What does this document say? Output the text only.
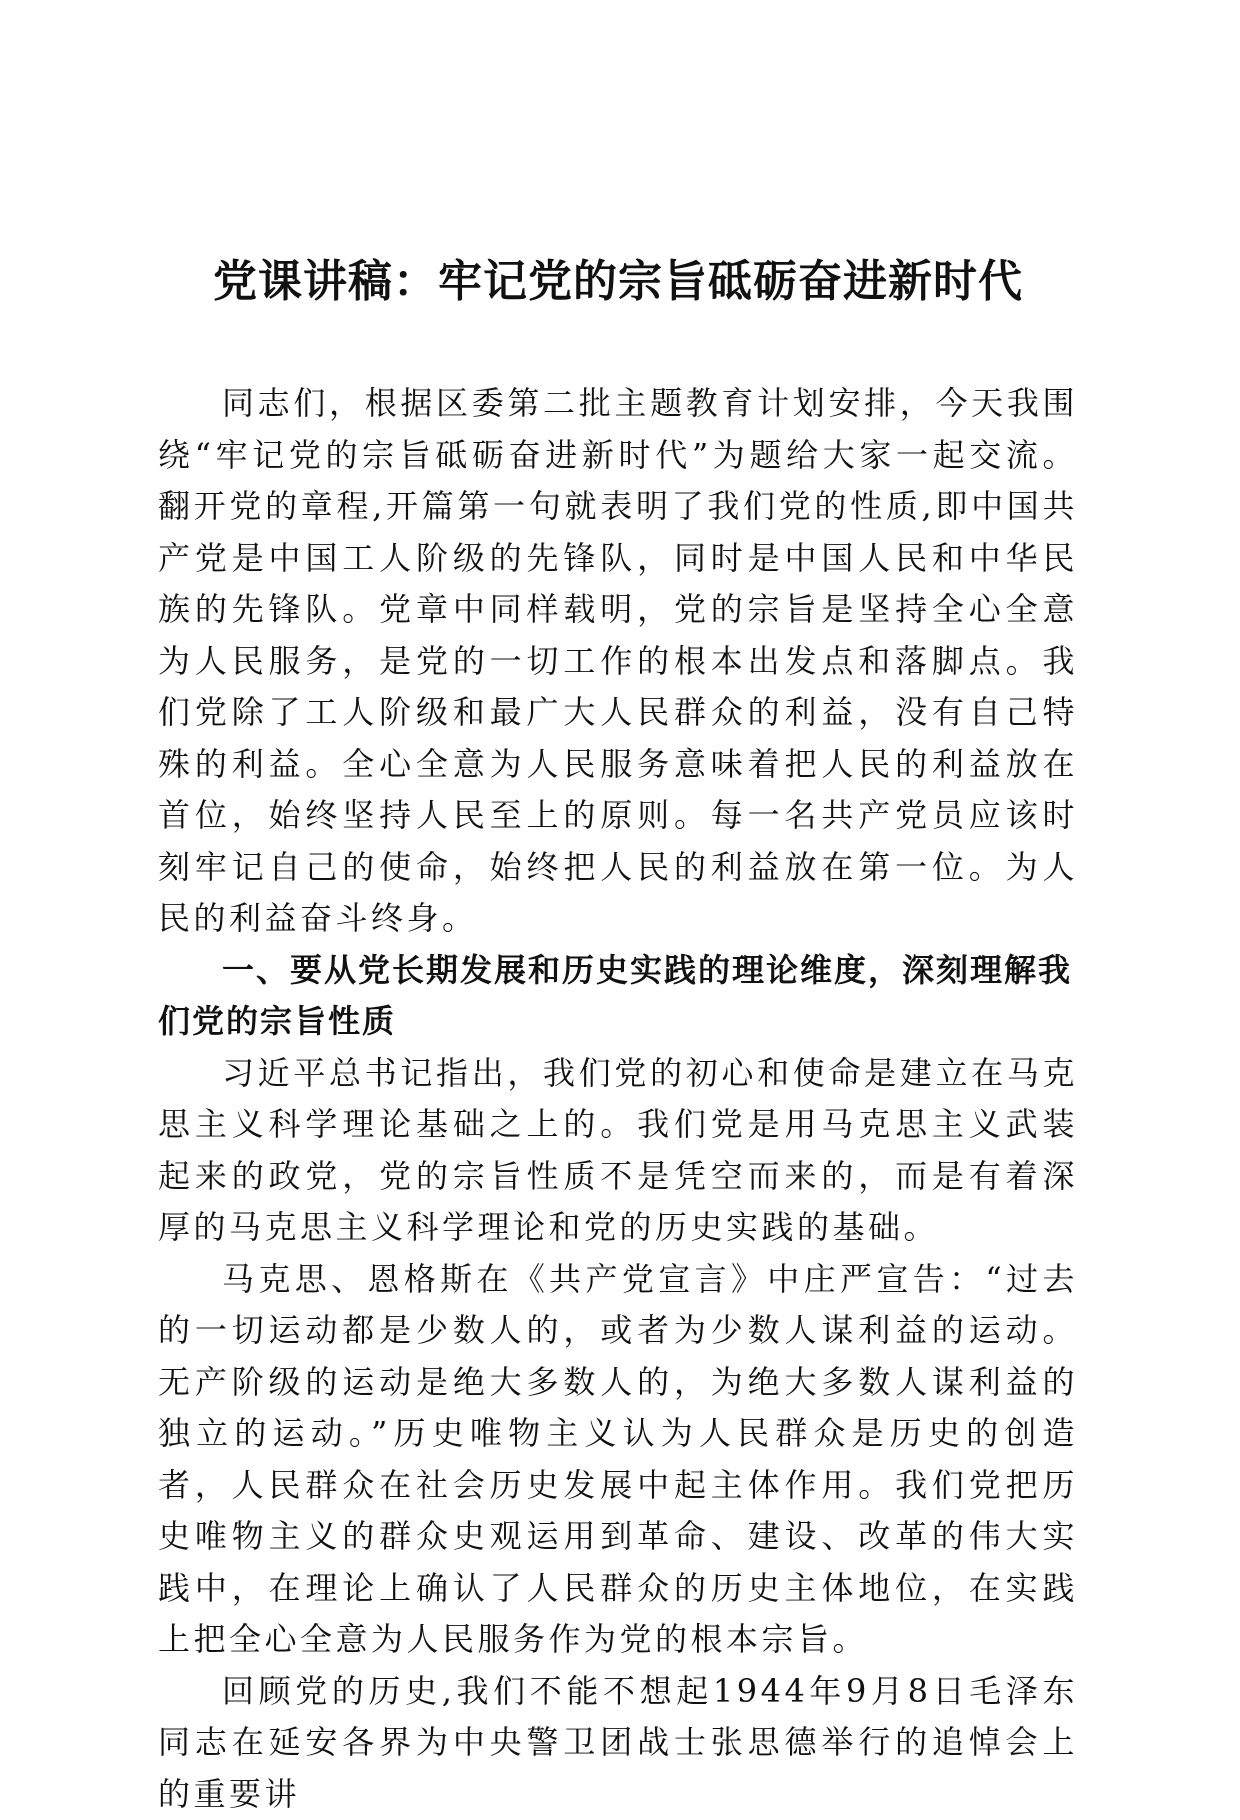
党课讲稿：牢记党的宗旨砥砺奋进新时代

同志们，根据区委第二批主题教育计划安排，今天我围绕“牢记党的宗旨砥砺奋进新时代”为题给大家一起交流。翻开党的章程,开篇第一句就表明了我们党的性质,即中国共产党是中国工人阶级的先锋队，同时是中国人民和中华民族的先锋队。党章中同样载明，党的宗旨是坚持全心全意为人民服务，是党的一切工作的根本出发点和落脚点。我们党除了工人阶级和最广大人民群众的利益，没有自己特殊的利益。全心全意为人民服务意味着把人民的利益放在首位，始终坚持人民至上的原则。每一名共产党员应该时刻牢记自己的使命，始终把人民的利益放在第一位。为人民的利益奋斗终身。

一、要从党长期发展和历史实践的理论维度，深刻理解我们党的宗旨性质

习近平总书记指出，我们党的初心和使命是建立在马克思主义科学理论基础之上的。我们党是用马克思主义武装起来的政党，党的宗旨性质不是凭空而来的，而是有着深厚的马克思主义科学理论和党的历史实践的基础。

马克思、恩格斯在《共产党宣言》中庄严宣告：“过去的一切运动都是少数人的，或者为少数人谋利益的运动。无产阶级的运动是绝大多数人的，为绝大多数人谋利益的独立的运动。”历史唯物主义认为人民群众是历史的创造者，人民群众在社会历史发展中起主体作用。我们党把历史唯物主义的群众史观运用到革命、建设、改革的伟大实践中，在理论上确认了人民群众的历史主体地位，在实践上把全心全意为人民服务作为党的根本宗旨。

回顾党的历史,我们不能不想起1944年9月8日毛泽东同志在延安各界为中央警卫团战士张思德举行的追悼会上的重要讲
